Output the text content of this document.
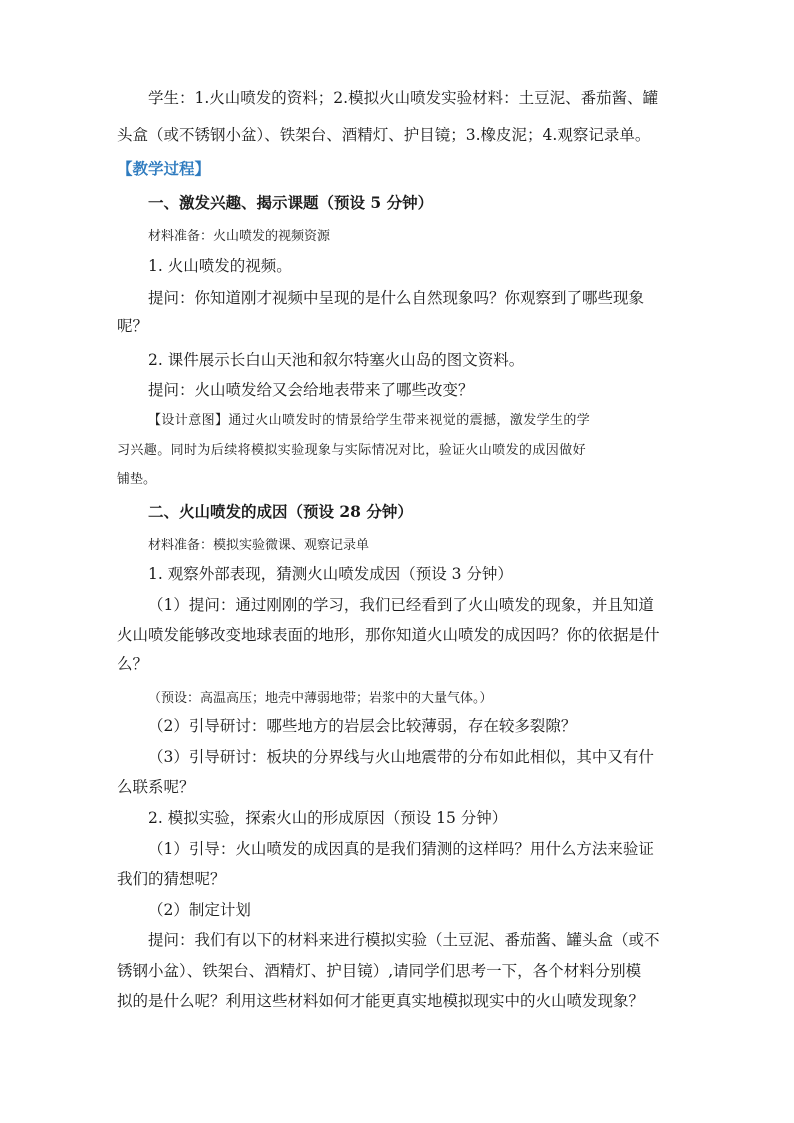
学生：1.火山喷发的资料；2.模拟火山喷发实验材料：土豆泥、番茄酱、罐

头盒（或不锈钢小盆）、铁架台、酒精灯、护目镜；3.橡皮泥；4.观察记录单。

【教学过程】

一、激发兴趣、揭示课题（预设 5 分钟）

材料准备：火山喷发的视频资源

1. 火山喷发的视频。

提问：你知道刚才视频中呈现的是什么自然现象吗？你观察到了哪些现象

呢？

2. 课件展示长白山天池和叙尔特塞火山岛的图文资料。

提问：火山喷发给又会给地表带来了哪些改变？

【设计意图】通过火山喷发时的情景给学生带来视觉的震撼，激发学生的学

习兴趣。同时为后续将模拟实验现象与实际情况对比，验证火山喷发的成因做好

铺垫。

二、火山喷发的成因（预设 28 分钟）

材料准备：模拟实验微课、观察记录单

1. 观察外部表现，猜测火山喷发成因（预设 3 分钟）

（1）提问：通过刚刚的学习，我们已经看到了火山喷发的现象，并且知道

火山喷发能够改变地球表面的地形，那你知道火山喷发的成因吗？你的依据是什

么？

（预设：高温高压；地壳中薄弱地带；岩浆中的大量气体。）

（2）引导研讨：哪些地方的岩层会比较薄弱，存在较多裂隙？

（3）引导研讨：板块的分界线与火山地震带的分布如此相似，其中又有什

么联系呢？

2. 模拟实验，探索火山的形成原因（预设 15 分钟）

（1）引导：火山喷发的成因真的是我们猜测的这样吗？用什么方法来验证

我们的猜想呢？

（2）制定计划

提问：我们有以下的材料来进行模拟实验（土豆泥、番茄酱、罐头盒（或不

锈钢小盆）、铁架台、酒精灯、护目镜）,请同学们思考一下，各个材料分别模

拟的是什么呢？利用这些材料如何才能更真实地模拟现实中的火山喷发现象？
